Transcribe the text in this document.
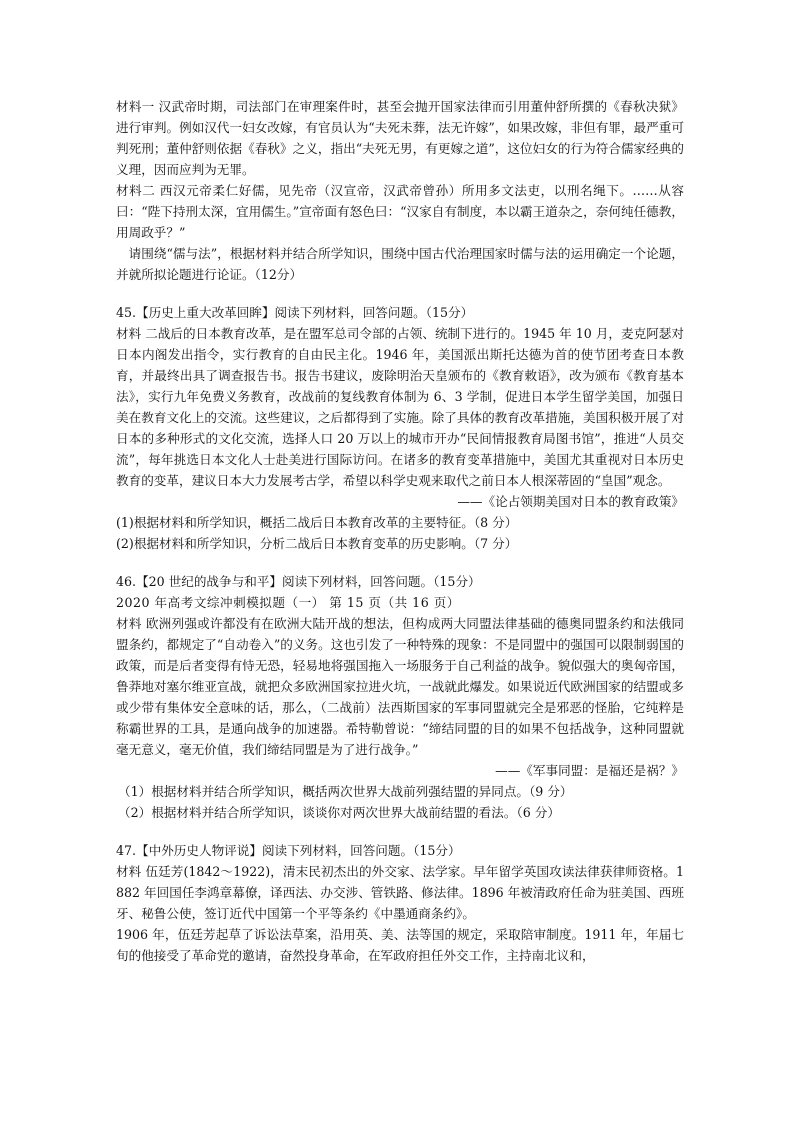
材料一 汉武帝时期，司法部门在审理案件时，甚至会抛开国家法律而引用董仲舒所撰的《春秋决狱》进行审判。例如汉代一妇女改嫁，有官员认为“夫死未葬，法无许嫁”，如果改嫁，非但有罪，最严重可判死刑；董仲舒则依据《春秋》之义，指出“夫死无男，有更嫁之道”，这位妇女的行为符合儒家经典的义理，因而应判为无罪。

材料二 西汉元帝柔仁好儒，见先帝（汉宣帝，汉武帝曾孙）所用多文法吏，以刑名绳下。……从容曰：“陛下持刑太深，宜用儒生。”宣帝面有怒色曰：“汉家自有制度，本以霸王道杂之，奈何纯任德教，用周政乎？”

请围绕“儒与法”，根据材料并结合所学知识，围绕中国古代治理国家时儒与法的运用确定一个论题，并就所拟论题进行论证。（12分）

45.【历史上重大改革回眸】阅读下列材料，回答问题。（15分）

材料 二战后的日本教育改革，是在盟军总司令部的占领、统制下进行的。1945 年 10 月，麦克阿瑟对日本内阁发出指令，实行教育的自由民主化。1946 年，美国派出斯托达德为首的使节团考查日本教育，并最终出具了调查报告书。报告书建议，废除明治天皇颁布的《教育敕语》，改为颁布《教育基本法》，实行九年免费义务教育，改战前的复线教育体制为 6、3 学制，促进日本学生留学美国，加强日美在教育文化上的交流。这些建议，之后都得到了实施。除了具体的教育改革措施，美国积极开展了对日本的多种形式的文化交流，选择人口 20 万以上的城市开办“民间情报教育局图书馆”，推进“人员交流”，每年挑选日本文化人士赴美进行国际访问。在诸多的教育变革措施中，美国尤其重视对日本历史教育的变革，建议日本大力发展考古学，希望以科学史观来取代之前日本人根深蒂固的“皇国”观念。

——《论占领期美国对日本的教育政策》

(1)根据材料和所学知识，概括二战后日本教育改革的主要特征。（8 分）

(2)根据材料和所学知识，分析二战后日本教育变革的历史影响。（7 分）

46.【20 世纪的战争与和平】阅读下列材料，回答问题。（15分）

2020 年高考文综冲刺模拟题（一） 第 15 页（共 16 页）

材料 欧洲列强或许都没有在欧洲大陆开战的想法，但构成两大同盟法律基础的德奥同盟条约和法俄同盟条约，都规定了“自动卷入”的义务。这也引发了一种特殊的现象：不是同盟中的强国可以限制弱国的政策，而是后者变得有恃无恐，轻易地将强国拖入一场服务于自己利益的战争。貌似强大的奥匈帝国，鲁莽地对塞尔维亚宣战，就把众多欧洲国家拉进火坑，一战就此爆发。如果说近代欧洲国家的结盟或多或少带有集体安全意味的话，那么，（二战前）法西斯国家的军事同盟就完全是邪恶的怪胎，它纯粹是称霸世界的工具，是通向战争的加速器。希特勒曾说：“缔结同盟的目的如果不包括战争，这种同盟就毫无意义，毫无价值，我们缔结同盟是为了进行战争。”

——《军事同盟：是福还是祸？》

（1）根据材料并结合所学知识，概括两次世界大战前列强结盟的异同点。（9 分）

（2）根据材料并结合所学知识，谈谈你对两次世界大战前结盟的看法。（6 分）

47.【中外历史人物评说】阅读下列材料，回答问题。（15分）

材料 伍廷芳(1842～1922)，清末民初杰出的外交家、法学家。早年留学英国攻读法律获律师资格。1882 年回国任李鸿章幕僚，译西法、办交涉、管铁路、修法律。1896 年被清政府任命为驻美国、西班牙、秘鲁公使，签订近代中国第一个平等条约《中墨通商条约》。

1906 年，伍廷芳起草了诉讼法草案，沿用英、美、法等国的规定，采取陪审制度。1911 年，年届七旬的他接受了革命党的邀请，奋然投身革命，在军政府担任外交工作，主持南北议和，
